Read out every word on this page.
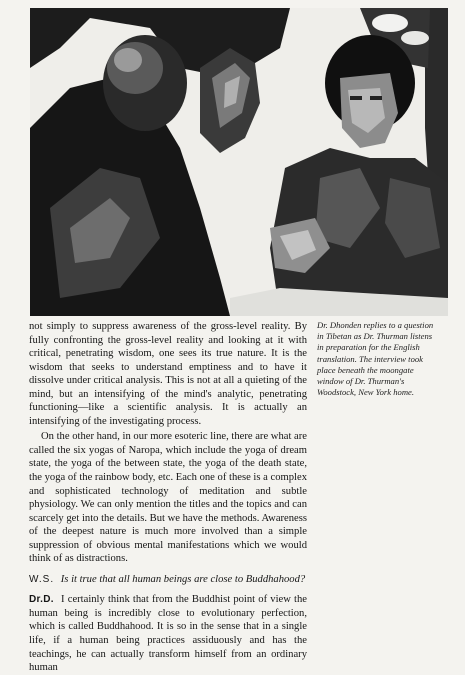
not simply to suppress awareness of the gross-level reality. By fully confronting the gross-level reality and looking at it with critical, penetrating wisdom, one sees its true nature. It is the wisdom that seeks to understand emptiness and to have it dissolve under critical analysis. This is not at all a quieting of the mind, but an intensifying of the mind's analytic, penetrating functioning—like a scientific analysis. It is actually an intensifying of the investigating process.

On the other hand, in our more esoteric line, there are what are called the six yogas of Naropa, which include the yoga of dream state, the yoga of the between state, the yoga of the death state, the yoga of the rainbow body, etc. Each one of these is a complex and sophisticated technology of meditation and subtle physiology. We can only mention the titles and the topics and can scarcely get into the details. But we have the methods. Awareness of the deepest nature is much more involved than a simple suppression of obvious mental manifestations which we would think of as distractions.

W.S. Is it true that all human beings are close to Buddhahood?

Dr.D. I certainly think that from the Buddhist point of view the human being is incredibly close to evolutionary perfection, which is called Buddhahood. It is so in the sense that in a single life, if a human being practices assiduously and has the teachings, he can actually transform himself from an ordinary human

Dr. Dhonden replies to a question in Tibetan as Dr. Thurman listens in preparation for the English translation. The interview took place beneath the moongate window of Dr. Thurman's Woodstock, New York home.
